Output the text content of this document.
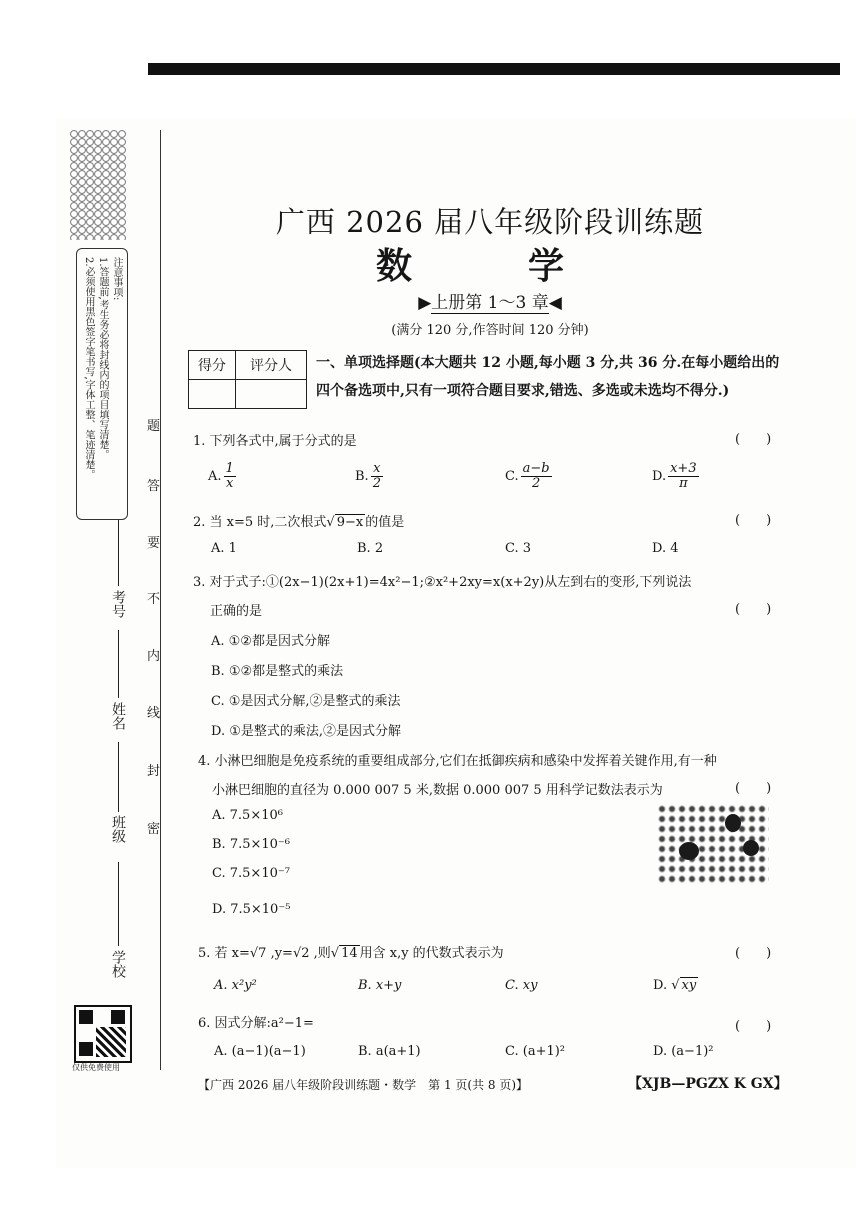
注意事项:
1.答题前,考生务必将封线内的项目填写清楚。
2.必须使用黑色签字笔书写,字体工整、笔迹清楚。
考号
姓名
班级
学校
题
答
要
不
内
线
封
密
仅供免费使用
广西 2026 届八年级阶段训练题
数　学
▶上册第 1～3 章◀
(满分 120 分,作答时间 120 分钟)
得分	评分人
	一、单项选择题(本大题共 12 小题,每小题 3 分,共 36 分.在每小题给出的四个备选项中,只有一项符合题目要求,错选、多选或未选均不得分.)
1. 下列各式中,属于分式的是	(　　)
A. $\frac{1}{x}$	B. $\frac{x}{2}$	C. $\frac{a-b}{2}$	D. $\frac{x+3}{\pi}$
2. 当 x=5 时,二次根式√ 9−x 的值是	(　　)
A. 1	B. 2	C. 3	D. 4
3. 对于式子:①(2x−1)(2x+1)=4x²−1;②x²+2xy=x(x+2y)从左到右的变形,下列说法
正确的是	(　　)
A. ①②都是因式分解
B. ①②都是整式的乘法
C. ①是因式分解,②是整式的乘法
D. ①是整式的乘法,②是因式分解
4. 小淋巴细胞是免疫系统的重要组成部分,它们在抵御疾病和感染中发挥着关键作用,有一种
小淋巴细胞的直径为 0.000 007 5 米,数据 0.000 007 5 用科学记数法表示为	(　　)
A. 7.5×10⁶
B. 7.5×10⁻⁶
C. 7.5×10⁻⁷
D. 7.5×10⁻⁵
5. 若 x=√7 ,y=√2 ,则√ 14 用含 x,y 的代数式表示为	(　　)
A. x²y²	B. x+y	C. xy	D. √ xy
6. 因式分解:a²−1=	(　　)
A. (a−1)(a−1)	B. a(a+1)	C. (a+1)²	D. (a−1)²
【广西 2026 届八年级阶段训练题・数学　第 1 页(共 8 页)】	【XJB—PGZX K GX】
